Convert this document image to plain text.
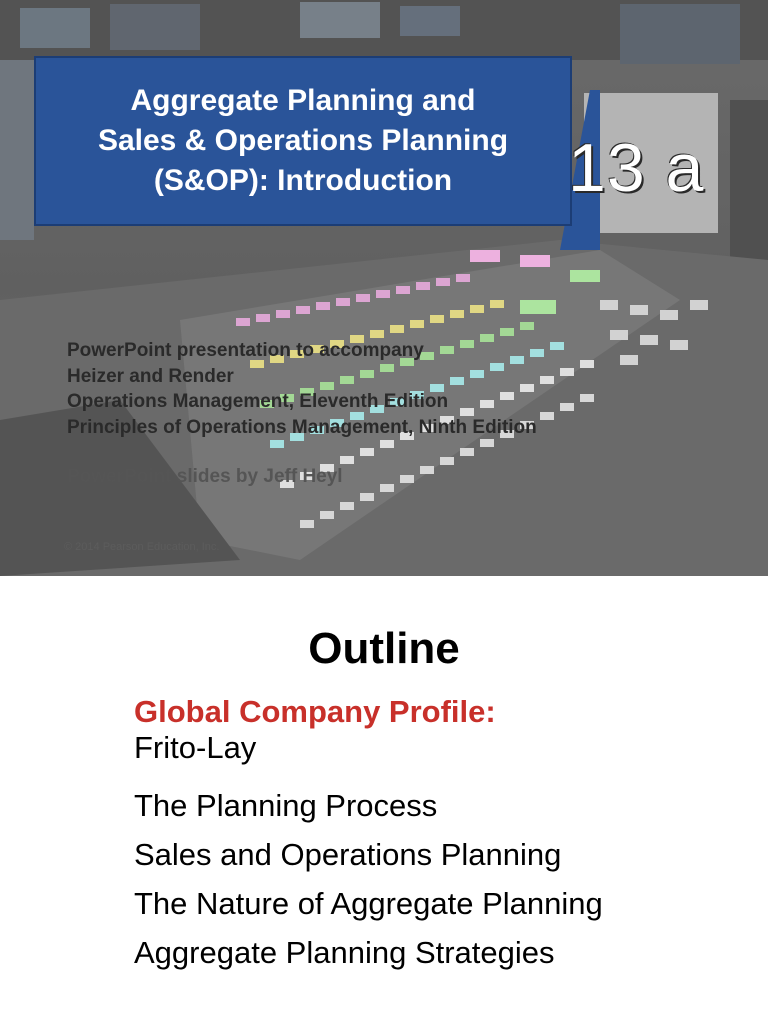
13 a
Aggregate Planning and
Sales & Operations Planning
(S&OP): Introduction
PowerPoint presentation to accompany
Heizer and Render
Operations Management, Eleventh Edition
Principles of Operations Management, Ninth Edition
PowerPoint slides by Jeff Heyl
© 2014 Pearson Education, Inc.
Outline
Global Company Profile:
Frito-Lay
The Planning Process
Sales and Operations Planning
The Nature of Aggregate Planning
Aggregate Planning Strategies
